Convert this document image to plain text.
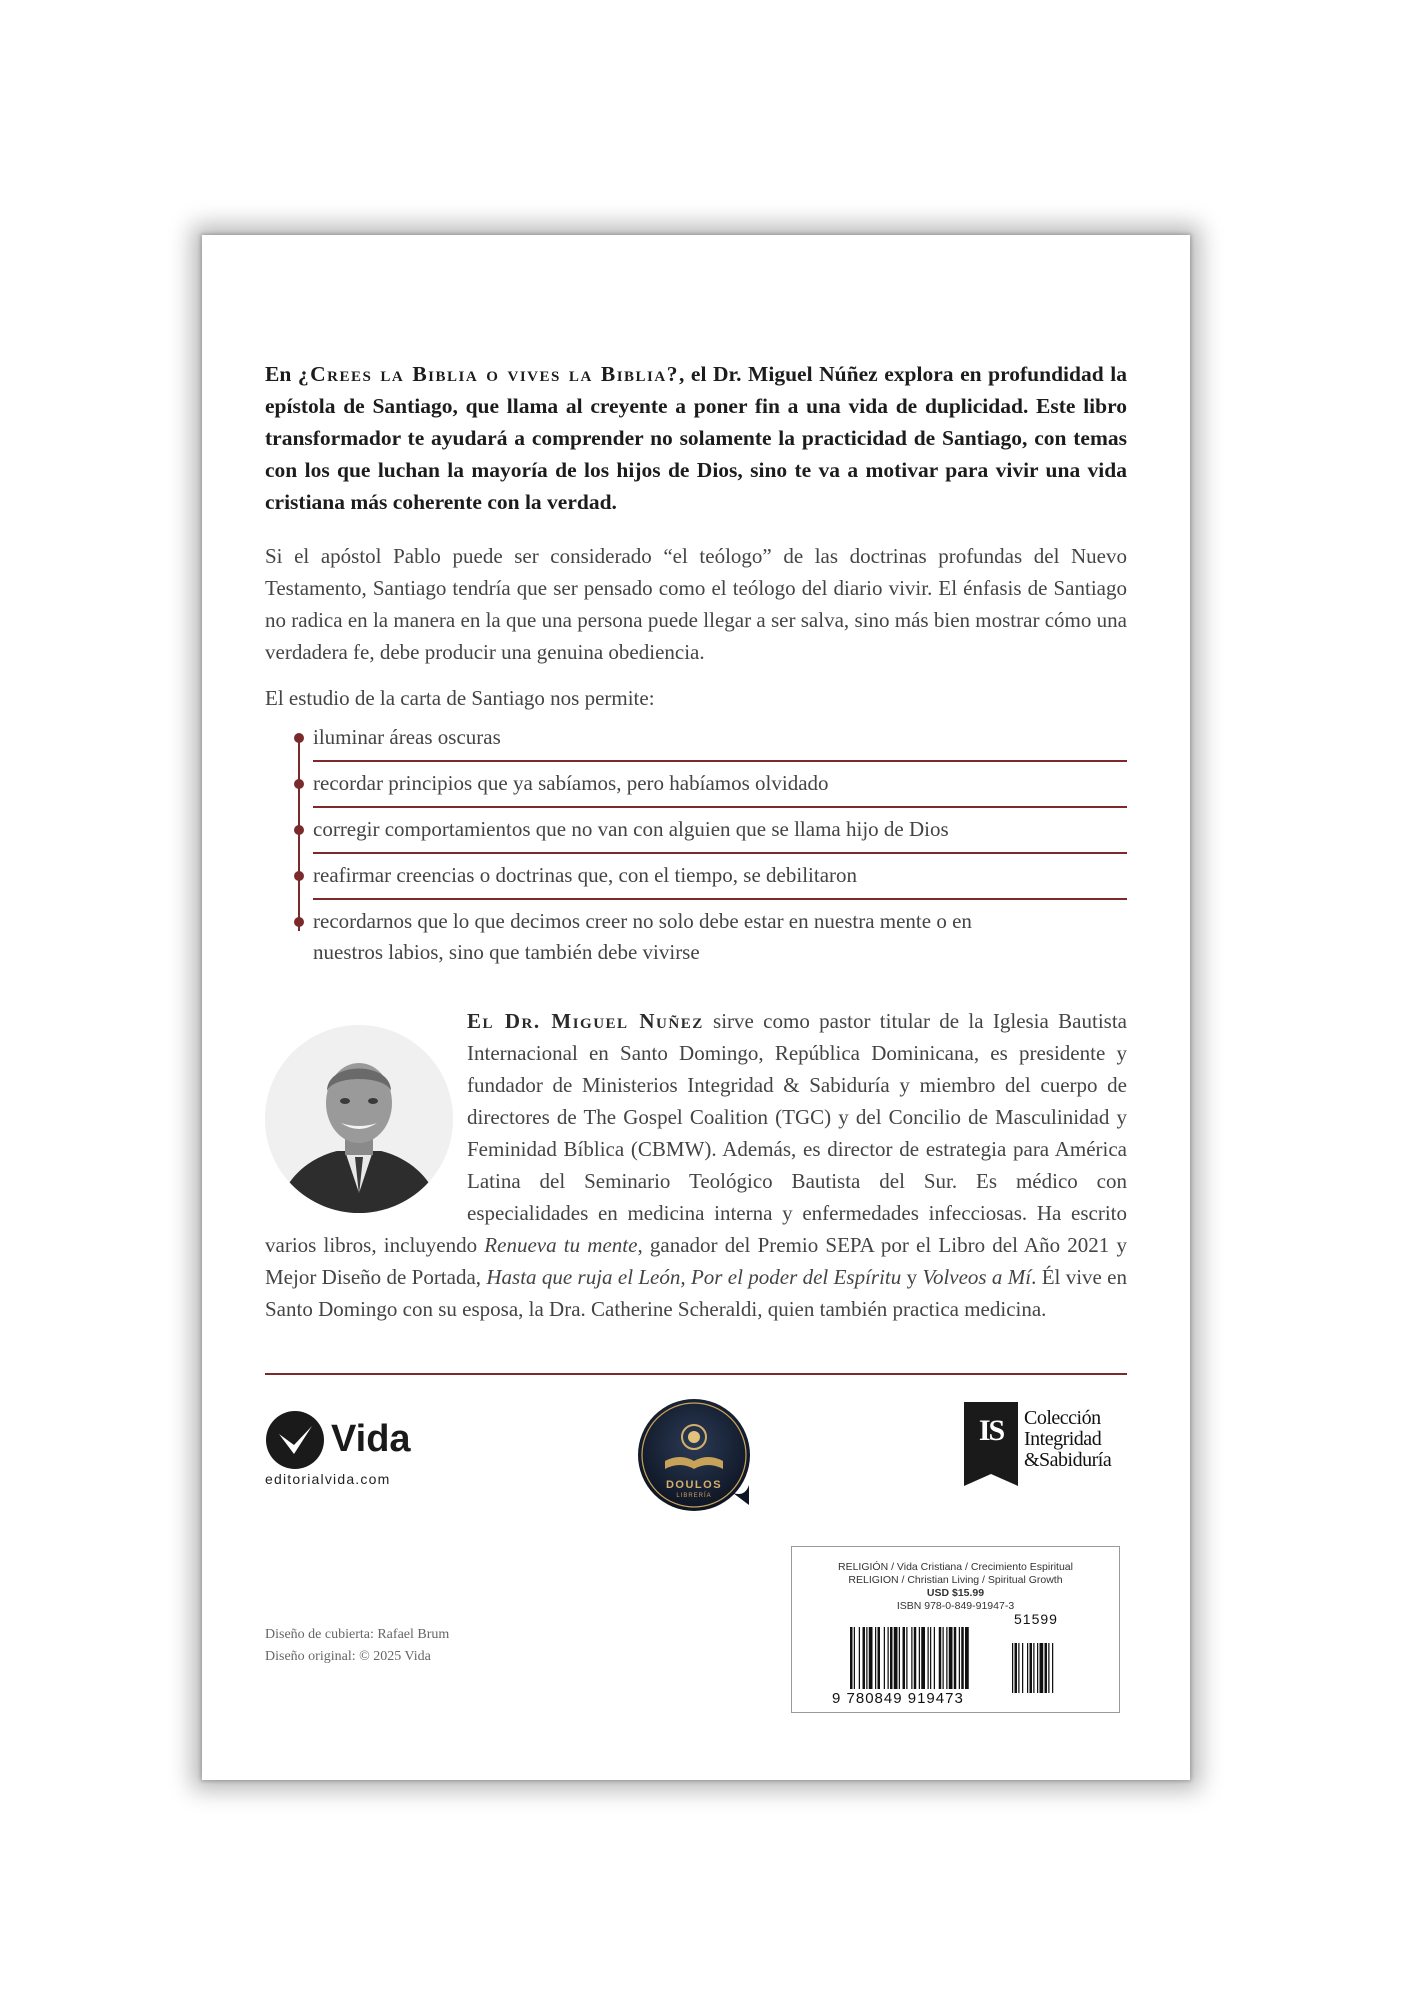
En ¿Crees la Biblia o vives la Biblia?, el Dr. Miguel Núñez explora en profundidad la epístola de Santiago, que llama al creyente a poner fin a una vida de duplicidad. Este libro transformador te ayudará a comprender no solamente la practicidad de Santiago, con temas con los que luchan la mayoría de los hijos de Dios, sino te va a motivar para vivir una vida cristiana más coherente con la verdad.

Si el apóstol Pablo puede ser considerado “el teólogo” de las doctrinas profundas del Nuevo Testamento, Santiago tendría que ser pensado como el teólogo del diario vivir. El énfasis de Santiago no radica en la manera en la que una persona puede llegar a ser salva, sino más bien mostrar cómo una verdadera fe, debe producir una genuina obediencia.

El estudio de la carta de Santiago nos permite:

iluminar áreas oscuras
recordar principios que ya sabíamos, pero habíamos olvidado
corregir comportamientos que no van con alguien que se llama hijo de Dios
reafirmar creencias o doctrinas que, con el tiempo, se debilitaron
recordarnos que lo que decimos creer no solo debe estar en nuestra mente o en nuestros labios, sino que también debe vivirse
El Dr. Miguel Nuñez sirve como pastor titular de la Iglesia Bautista Internacional en Santo Domingo, República Dominicana, es presidente y fundador de Ministerios Integridad & Sabiduría y miembro del cuerpo de directores de The Gospel Coalition (TGC) y del Concilio de Masculinidad y Feminidad Bíblica (CBMW). Además, es director de estrategia para América Latina del Seminario Teológico Bautista del Sur. Es médico con especialidades en medicina interna y enfermedades infecciosas. Ha escrito varios libros, incluyendo Renueva tu mente, ganador del Premio SEPA por el Libro del Año 2021 y Mejor Diseño de Portada, Hasta que ruja el León, Por el poder del Espíritu y Volveos a Mí. Él vive en Santo Domingo con su esposa, la Dra. Catherine Scheraldi, quien también practica medicina.
Vida
editorialvida.com	DOULOS
LIBRERÍA
IS	Colección
Integridad
&Sabiduría
Diseño de cubierta: Rafael Brum
Diseño original: © 2025 Vida
RELIGIÓN / Vida Cristiana / Crecimiento Espiritual
RELIGION / Christian Living / Spiritual Growth
USD $15.99
ISBN 978-0-849-91947-3
51599
9 780849 919473
